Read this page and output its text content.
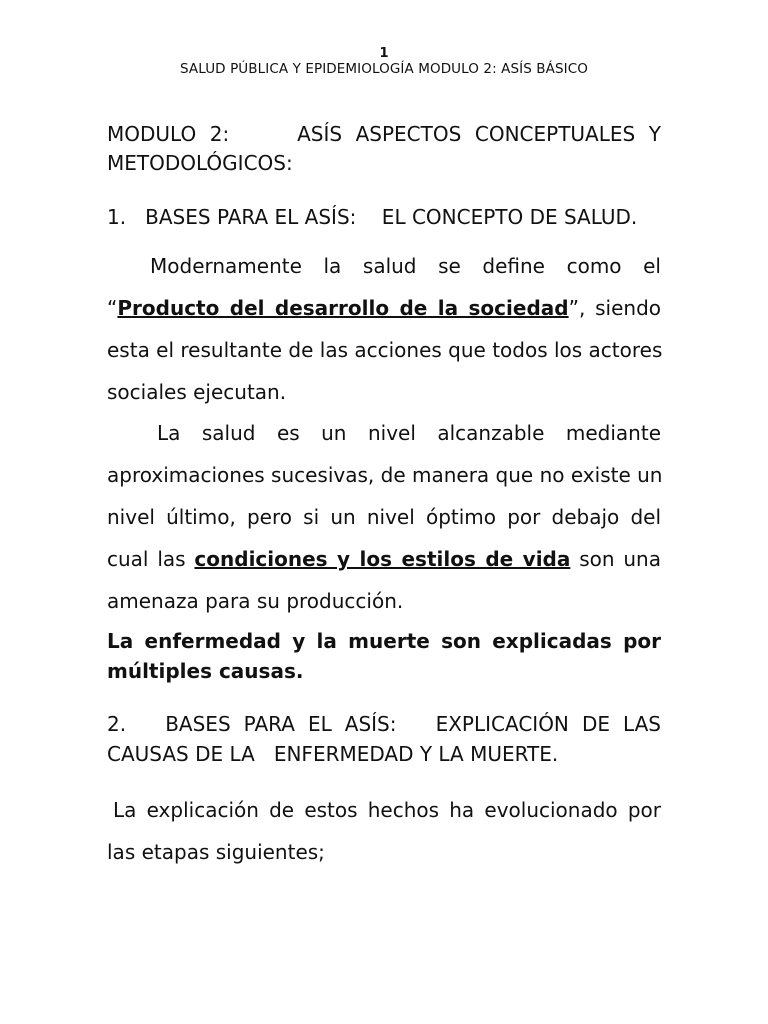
1
SALUD PÚBLICA Y EPIDEMIOLOGÍA MODULO 2: ASÍS BÁSICO
MODULO 2:     ASÍS ASPECTOS CONCEPTUALES Y
METODOLÓGICOS:
1.   BASES PARA EL ASÍS:    EL CONCEPTO DE SALUD.
Modernamente la salud se define como el
“Producto del desarrollo de la sociedad”, siendo
esta el resultante de las acciones que todos los actores
sociales ejecutan.
La salud es un nivel alcanzable mediante
aproximaciones sucesivas, de manera que no existe un
nivel último, pero si un nivel óptimo por debajo del
cual las condiciones y los estilos de vida son una
amenaza para su producción.
La enfermedad y la muerte son explicadas por
múltiples causas.
2.   BASES PARA EL ASÍS:   EXPLICACIÓN DE LAS
CAUSAS DE LA   ENFERMEDAD Y LA MUERTE.
La explicación de estos hechos ha evolucionado por
las etapas siguientes;
